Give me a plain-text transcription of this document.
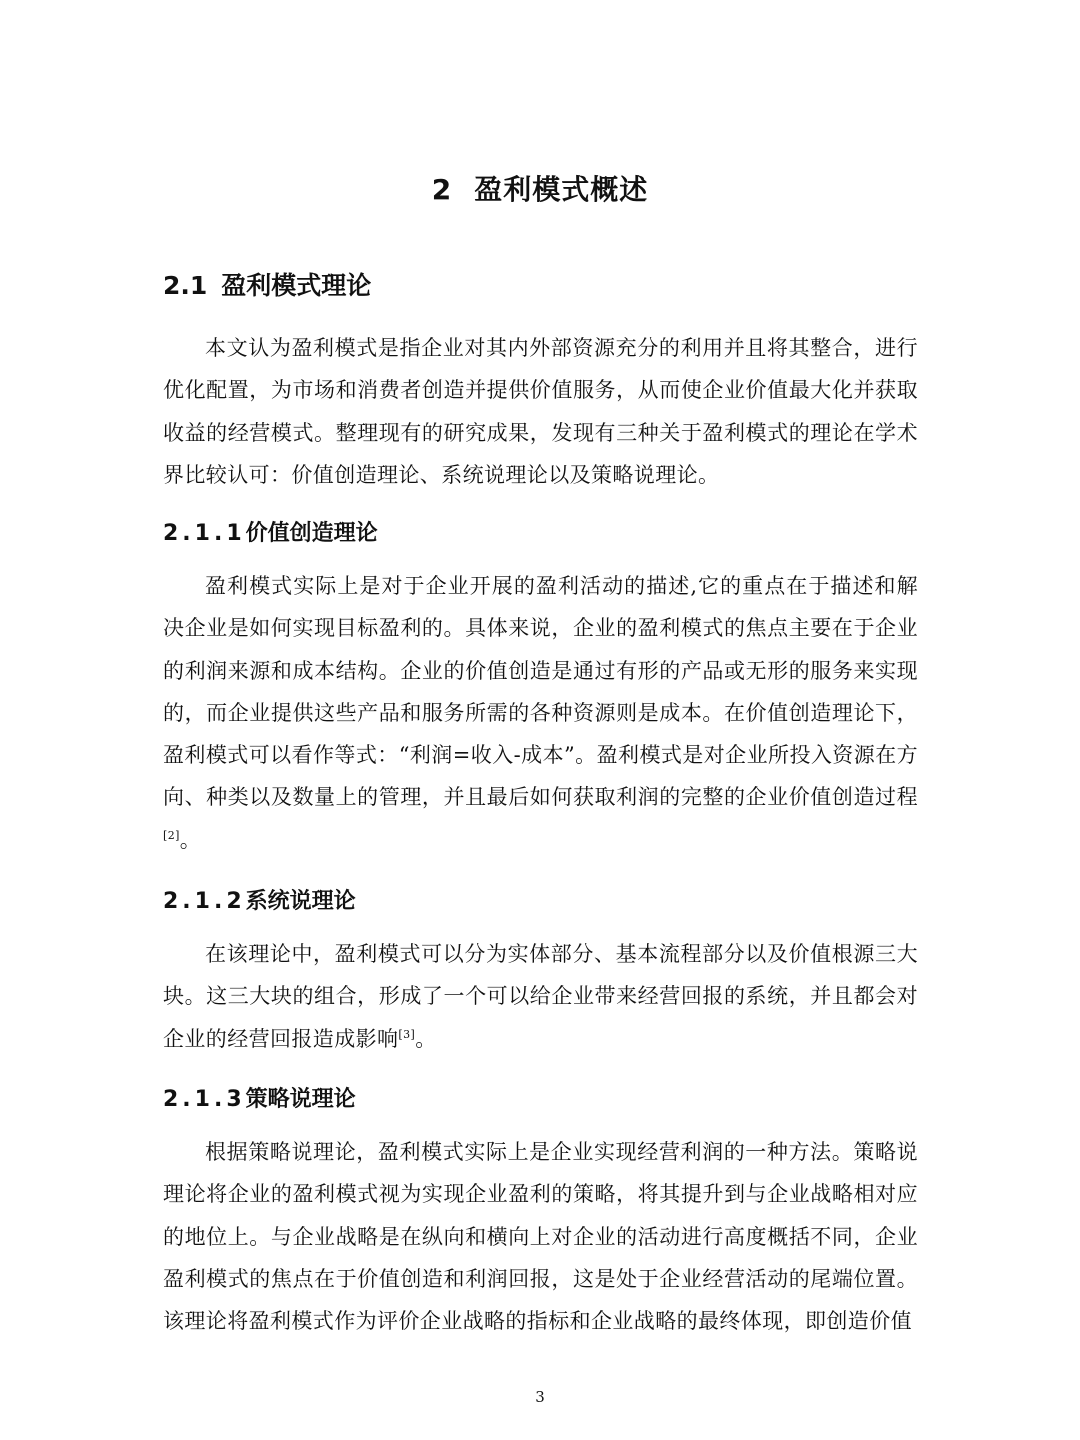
2 盈利模式概述
2.1 盈利模式理论
本文认为盈利模式是指企业对其内外部资源充分的利用并且将其整合，进行优化配置，为市场和消费者创造并提供价值服务，从而使企业价值最大化并获取收益的经营模式。整理现有的研究成果，发现有三种关于盈利模式的理论在学术界比较认可：价值创造理论、系统说理论以及策略说理论。
2.1.1价值创造理论
盈利模式实际上是对于企业开展的盈利活动的描述,它的重点在于描述和解决企业是如何实现目标盈利的。具体来说，企业的盈利模式的焦点主要在于企业的利润来源和成本结构。企业的价值创造是通过有形的产品或无形的服务来实现的，而企业提供这些产品和服务所需的各种资源则是成本。在价值创造理论下，盈利模式可以看作等式：“利润=收入-成本”。盈利模式是对企业所投入资源在方向、种类以及数量上的管理，并且最后如何获取利润的完整的企业价值创造过程[2]。
2.1.2系统说理论
在该理论中，盈利模式可以分为实体部分、基本流程部分以及价值根源三大块。这三大块的组合，形成了一个可以给企业带来经营回报的系统，并且都会对企业的经营回报造成影响[3]。
2.1.3策略说理论
根据策略说理论，盈利模式实际上是企业实现经营利润的一种方法。策略说理论将企业的盈利模式视为实现企业盈利的策略，将其提升到与企业战略相对应的地位上。与企业战略是在纵向和横向上对企业的活动进行高度概括不同，企业盈利模式的焦点在于价值创造和利润回报，这是处于企业经营活动的尾端位置。该理论将盈利模式作为评价企业战略的指标和企业战略的最终体现，即创造价值
3
